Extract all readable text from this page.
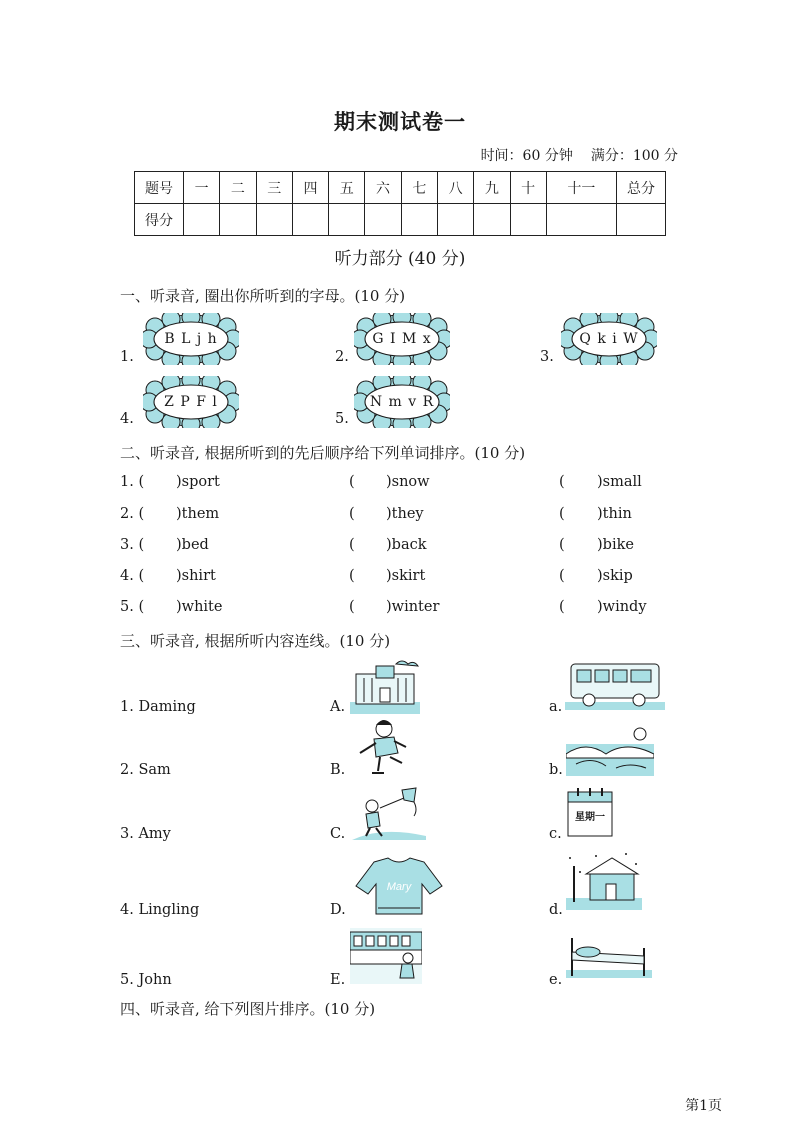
期末测试卷一
时间：60 分钟 满分：100 分
题号	一	二	三	四	五	六	七	八	九	十	十一	总分
得分												
听力部分 (40 分)
一、听录音, 圈出你所听到的字母。(10 分)
1.
B L j h
2.
G I M x
3.
Q k i W
4.
Z P F l
5.
N m v R
二、听录音, 根据所听到的先后顺序给下列单词排序。(10 分)
1. ( )sport	( )snow	( )small
2. ( )them	( )they	( )thin
3. ( )bed	( )back	( )bike
4. ( )shirt	( )skirt	( )skip
5. ( )white	( )winter	( )windy
三、听录音, 根据所听内容连线。(10 分)
1. Daming
2. Sam
3. Amy
4. Lingling
5. John
A.
B.
C.
D.
E.
a.
b.
c.
d.
e.
Mary
星期一
四、听录音, 给下列图片排序。(10 分)
第1页
